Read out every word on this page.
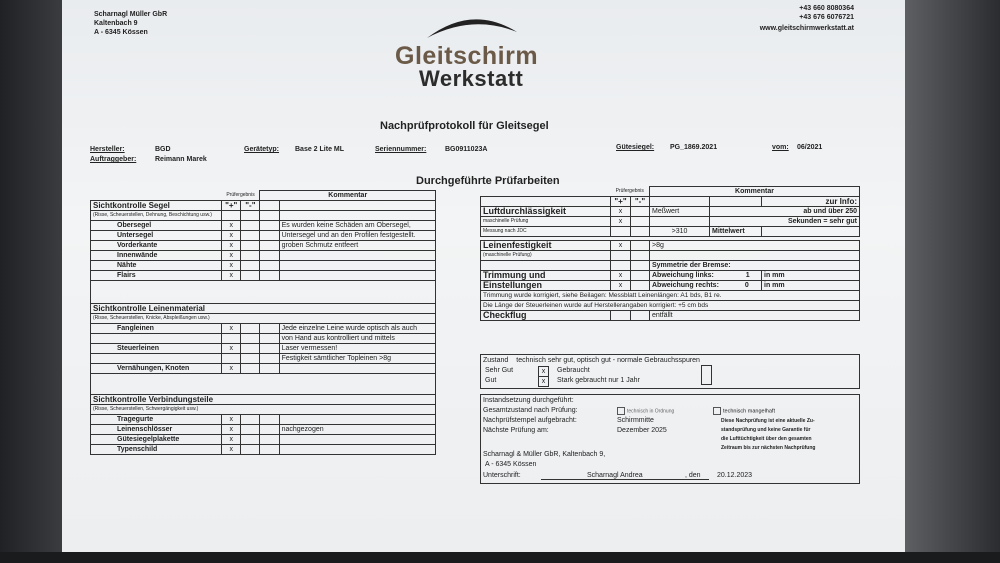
Scharnagl Müller GbR
Kaltenbach 9
A - 6345 Kössen
+43 660 8080364
+43 676 6076721
www.gleitschirmwerkstatt.at
Gleitschirm
Werkstatt
Nachprüfprotokoll für Gleitsegel
Hersteller:	BGD	Gerätetyp: Base 2 Lite ML	Seriennummer:	BG0911023A	Gütesiegel: PG_1869.2021	vom: 06/2021
Auftraggeber:	Reimann Marek
Durchgeführte Prüfarbeiten
	Prüfergebnis		Kommentar	
Sichtkontrolle Segel	"+"	"-"		
(Risse, Scheuerstellen, Dehnung, Beschichtung usw.)				
Obersegel	x			Es wurden keine Schäden am Obersegel,
Untersegel	x			Untersegel und an den Profilen festgestellt.
Vorderkante	x			groben Schmutz entfeert
Innenwände	x			
Nähte	x			
Flairs	x			

Sichtkontrolle Leinenmaterial				
(Risse, Scheuerstellen, Knicke, Abspleißungen usw.)				
Fangleinen	x			Jede einzelne Leine wurde optisch als auch
				von Hand aus kontrolliert und mittels
Steuerleinen	x			Laser vermessen!
				Festigkeit sämtlicher Topleinen >8g
Vernähungen, Knoten	x			

Sichtkontrolle Verbindungsteile				
(Risse, Scheuerstellen, Schwergängigkeit usw.)				
Tragegurte	x			
Leinenschlösser	x			nachgezogen
Gütesiegelplakette	x			
Typenschild	x			
	Prüfergebnis		Kommentar		
	"+"	"-"			zur Info:
Luftdurchlässigkeit	x		Meßwert	ab und über 250	
maschinelle Prüfung	x			Sekunden = sehr gut	
Messung nach JDC			>310	Mittelwert	

Leinenfestigkeit	x		>8g		
(maschinelle Prüfung)					
			Symmetrie der Bremse:		
Trimmung und	x		Abweichung links: 1		in mm
Einstellungen	x		Abweichung rechts: 0		in mm
Trimmung wurde korrigiert, siehe Beilagen: Messblatt Leinenlängen: A1 bds, B1 re.					
Die Länge der Steuerleinen wurde auf Herstellerangaben korrigiert: +5 cm bds					
Checkflug			entfällt		
Zustand technisch sehr gut, optisch gut - normale Gebrauchsspuren
Sehr Gut	x	Gebraucht
Gut	x	Stark gebraucht nur 1 Jahr
Instandsetzung durchgeführt:
Gesamtzustand nach Prüfung:	technisch in Ordnung	technisch mangelhaft
Nachprüfstempel aufgebracht:	Schirmmitte
Nächste Prüfung am:	Dezember 2025
Diese Nachprüfung ist eine aktuelle Zu-
standsprüfung und keine Garantie für
die Lufttüchtigkeit über den gesamten
Zeitraum bis zur nächsten Nachprüfung
Scharnagl & Müller GbR, Kaltenbach 9,
A - 6345 Kössen
Unterschrift:	Scharnagl Andrea	, den 20.12.2023
